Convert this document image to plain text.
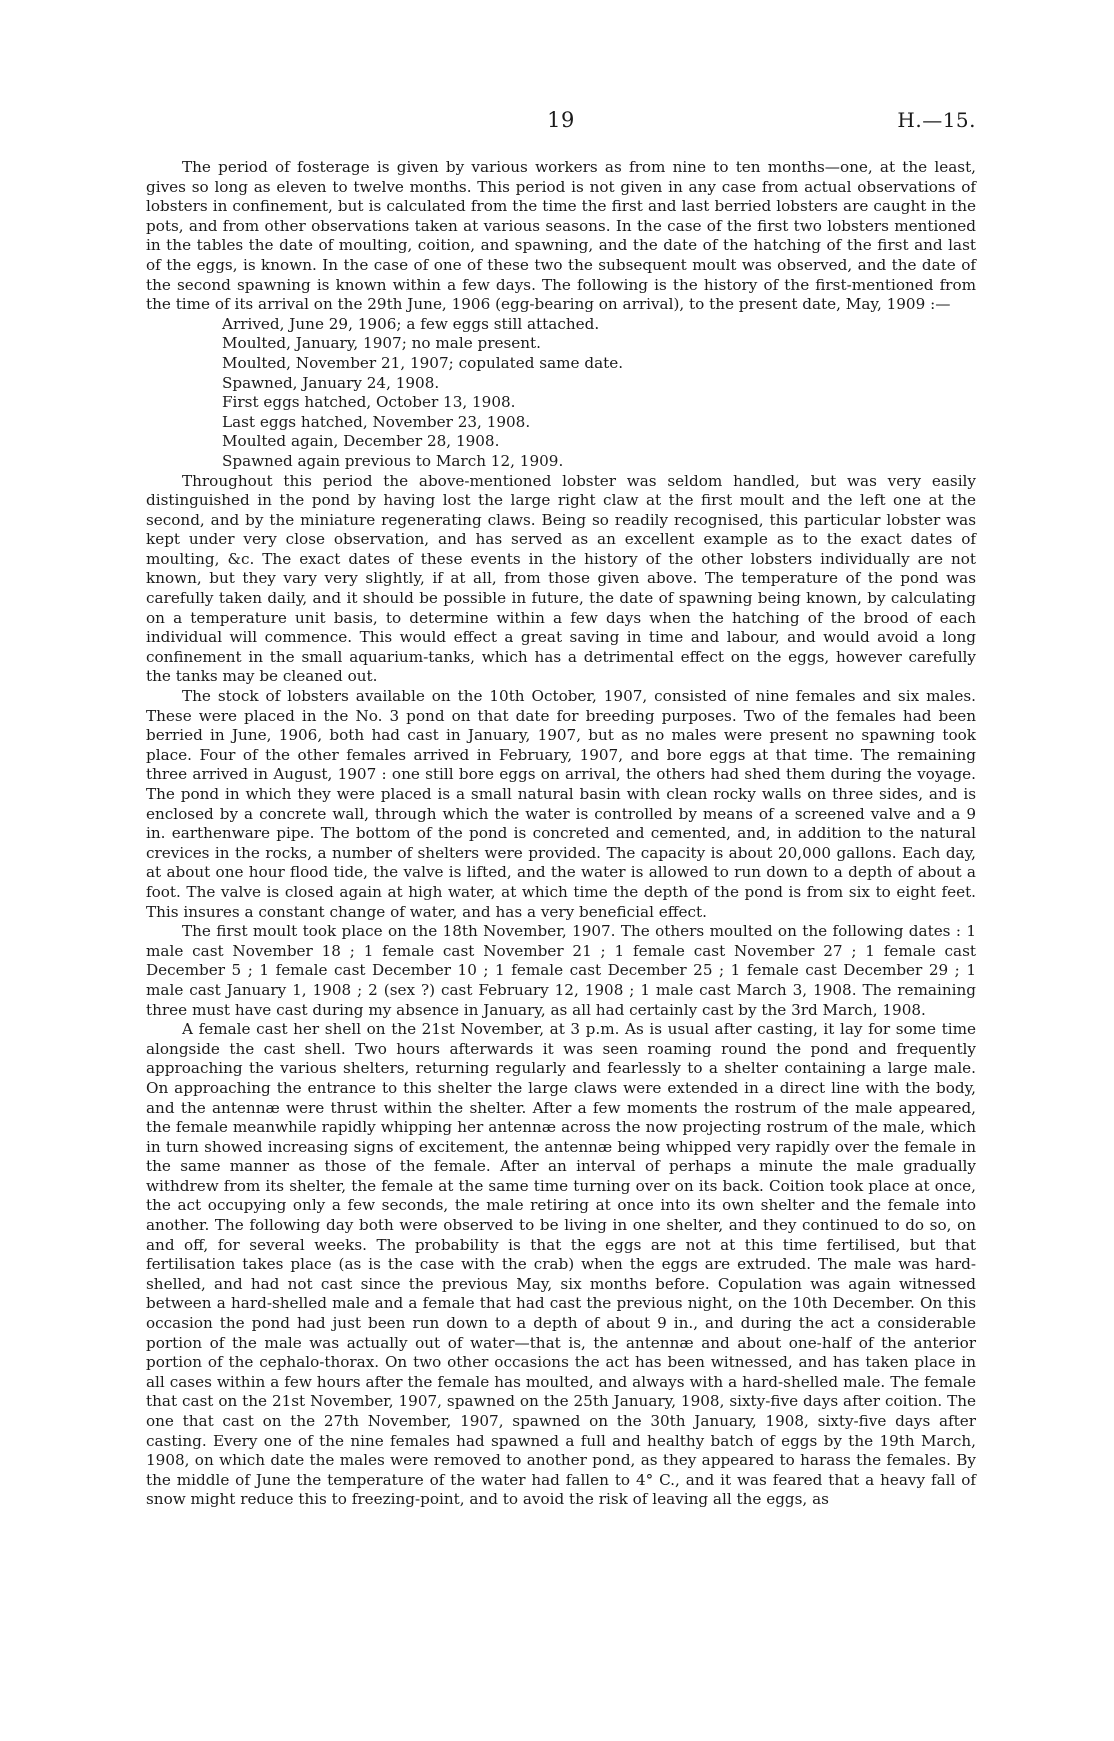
19	H.—15.

The period of fosterage is given by various workers as from nine to ten months—one, at the least, gives so long as eleven to twelve months. This period is not given in any case from actual observations of lobsters in confinement, but is calculated from the time the first and last berried lobsters are caught in the pots, and from other observations taken at various seasons. In the case of the first two lobsters mentioned in the tables the date of moulting, coition, and spawning, and the date of the hatching of the first and last of the eggs, is known. In the case of one of these two the subsequent moult was observed, and the date of the second spawning is known within a few days. The following is the history of the first-mentioned from the time of its arrival on the 29th June, 1906 (egg-bearing on arrival), to the present date, May, 1909 :—

Arrived, June 29, 1906; a few eggs still attached.
Moulted, January, 1907; no male present.
Moulted, November 21, 1907; copulated same date.
Spawned, January 24, 1908.
First eggs hatched, October 13, 1908.
Last eggs hatched, November 23, 1908.
Moulted again, December 28, 1908.
Spawned again previous to March 12, 1909.

Throughout this period the above-mentioned lobster was seldom handled, but was very easily distinguished in the pond by having lost the large right claw at the first moult and the left one at the second, and by the miniature regenerating claws. Being so readily recognised, this particular lobster was kept under very close observation, and has served as an excellent example as to the exact dates of moulting, &c. The exact dates of these events in the history of the other lobsters individually are not known, but they vary very slightly, if at all, from those given above. The temperature of the pond was carefully taken daily, and it should be possible in future, the date of spawning being known, by calculating on a temperature unit basis, to determine within a few days when the hatching of the brood of each individual will commence. This would effect a great saving in time and labour, and would avoid a long confinement in the small aquarium-tanks, which has a detrimental effect on the eggs, however carefully the tanks may be cleaned out.

The stock of lobsters available on the 10th October, 1907, consisted of nine females and six males. These were placed in the No. 3 pond on that date for breeding purposes. Two of the females had been berried in June, 1906, both had cast in January, 1907, but as no males were present no spawning took place. Four of the other females arrived in February, 1907, and bore eggs at that time. The remaining three arrived in August, 1907 : one still bore eggs on arrival, the others had shed them during the voyage. The pond in which they were placed is a small natural basin with clean rocky walls on three sides, and is enclosed by a concrete wall, through which the water is controlled by means of a screened valve and a 9 in. earthenware pipe. The bottom of the pond is concreted and cemented, and, in addition to the natural crevices in the rocks, a number of shelters were provided. The capacity is about 20,000 gallons. Each day, at about one hour flood tide, the valve is lifted, and the water is allowed to run down to a depth of about a foot. The valve is closed again at high water, at which time the depth of the pond is from six to eight feet. This insures a constant change of water, and has a very beneficial effect.

The first moult took place on the 18th November, 1907. The others moulted on the following dates : 1 male cast November 18 ; 1 female cast November 21 ; 1 female cast November 27 ; 1 female cast December 5 ; 1 female cast December 10 ; 1 female cast December 25 ; 1 female cast December 29 ; 1 male cast January 1, 1908 ; 2 (sex ?) cast February 12, 1908 ; 1 male cast March 3, 1908. The remaining three must have cast during my absence in January, as all had certainly cast by the 3rd March, 1908.

A female cast her shell on the 21st November, at 3 p.m. As is usual after casting, it lay for some time alongside the cast shell. Two hours afterwards it was seen roaming round the pond and frequently approaching the various shelters, returning regularly and fearlessly to a shelter containing a large male. On approaching the entrance to this shelter the large claws were extended in a direct line with the body, and the antennæ were thrust within the shelter. After a few moments the rostrum of the male appeared, the female meanwhile rapidly whipping her antennæ across the now projecting rostrum of the male, which in turn showed increasing signs of excitement, the antennæ being whipped very rapidly over the female in the same manner as those of the female. After an interval of perhaps a minute the male gradually withdrew from its shelter, the female at the same time turning over on its back. Coition took place at once, the act occupying only a few seconds, the male retiring at once into its own shelter and the female into another. The following day both were observed to be living in one shelter, and they continued to do so, on and off, for several weeks. The probability is that the eggs are not at this time fertilised, but that fertilisation takes place (as is the case with the crab) when the eggs are extruded. The male was hard-shelled, and had not cast since the previous May, six months before. Copulation was again witnessed between a hard-shelled male and a female that had cast the previous night, on the 10th December. On this occasion the pond had just been run down to a depth of about 9 in., and during the act a considerable portion of the male was actually out of water—that is, the antennæ and about one-half of the anterior portion of the cephalo-thorax. On two other occasions the act has been witnessed, and has taken place in all cases within a few hours after the female has moulted, and always with a hard-shelled male. The female that cast on the 21st November, 1907, spawned on the 25th January, 1908, sixty-five days after coition. The one that cast on the 27th November, 1907, spawned on the 30th January, 1908, sixty-five days after casting. Every one of the nine females had spawned a full and healthy batch of eggs by the 19th March, 1908, on which date the males were removed to another pond, as they appeared to harass the females. By the middle of June the temperature of the water had fallen to 4° C., and it was feared that a heavy fall of snow might reduce this to freezing-point, and to avoid the risk of leaving all the eggs, as
